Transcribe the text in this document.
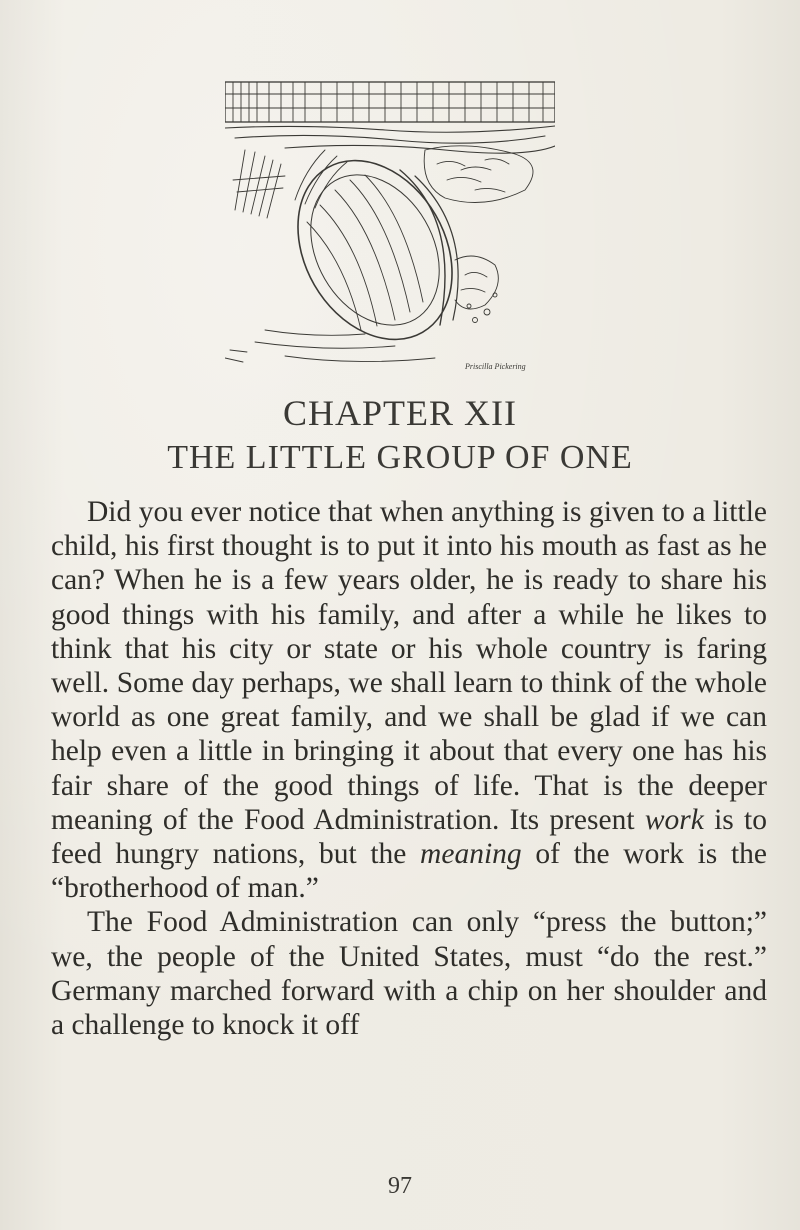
Priscilla Pickering
CHAPTER XII
THE LITTLE GROUP OF ONE

Did you ever notice that when anything is given to a little child, his first thought is to put it into his mouth as fast as he can? When he is a few years older, he is ready to share his good things with his family, and after a while he likes to think that his city or state or his whole country is faring well. Some day perhaps, we shall learn to think of the whole world as one great family, and we shall be glad if we can help even a little in bringing it about that every one has his fair share of the good things of life. That is the deeper meaning of the Food Administration. Its present work is to feed hungry nations, but the meaning of the work is the “brotherhood of man.”

The Food Administration can only “press the button;” we, the people of the United States, must “do the rest.” Germany marched forward with a chip on her shoulder and a challenge to knock it off

97
